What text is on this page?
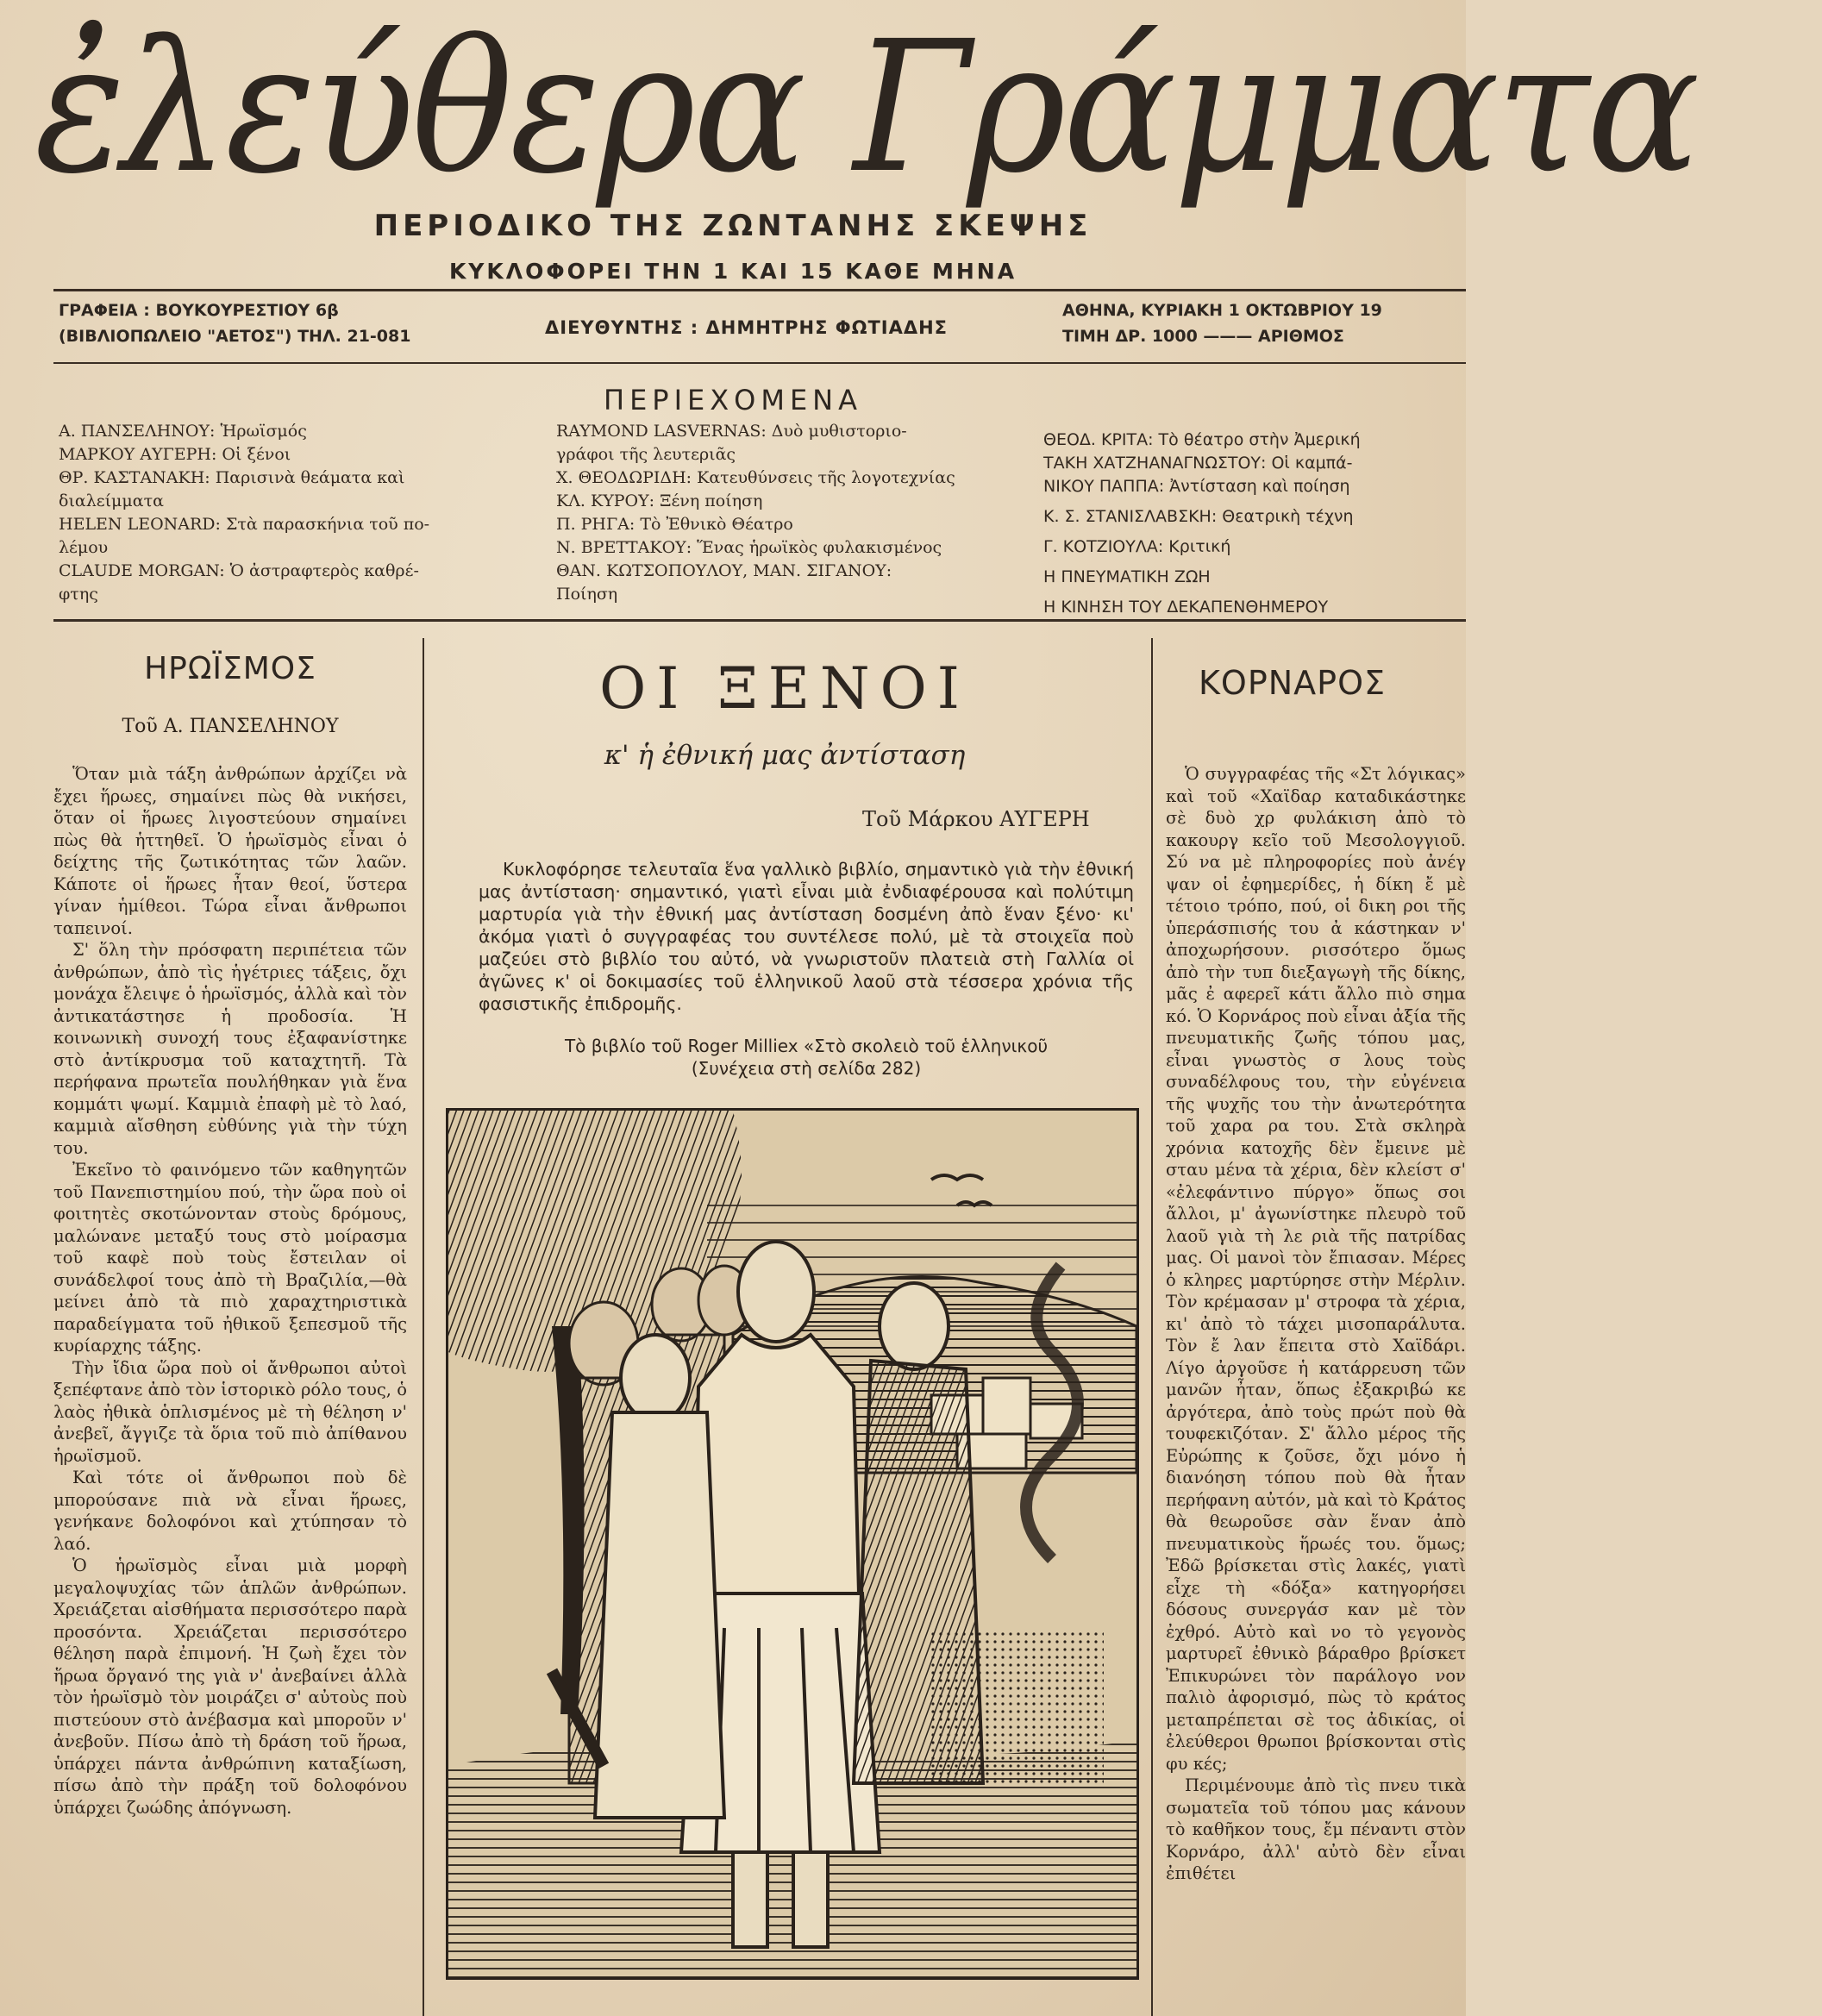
ἐλεύθερα Γράμματα
ΠΕΡΙΟΔΙΚΟ ΤΗΣ ΖΩΝΤΑΝΗΣ ΣΚΕΨΗΣ
ΚΥΚΛΟΦΟΡΕΙ ΤΗΝ 1 ΚΑΙ 15 ΚΑΘΕ ΜΗΝΑ
ΓΡΑΦΕΙΑ : ΒΟΥΚΟΥΡΕΣΤΙΟΥ 6β
(ΒΙΒΛΙΟΠΩΛΕΙΟ "ΑΕΤΟΣ") ΤΗΛ. 21-081	ΔΙΕΥΘΥΝΤΗΣ : ΔΗΜΗΤΡΗΣ ΦΩΤΙΑΔΗΣ
ΑΘΗΝΑ, ΚΥΡΙΑΚΗ 1 ΟΚΤΩΒΡΙΟΥ 19
ΤΙΜΗ ΔΡ. 1000 ——— ΑΡΙΘΜΟΣ
ΠΕΡΙΕΧΟΜΕΝΑ
Α. ΠΑΝΣΕΛΗΝΟΥ: Ἡρωϊσμός
ΜΑΡΚΟΥ ΑΥΓΕΡΗ: Οἱ ξένοι
ΘΡ. ΚΑΣΤΑΝΑΚΗ: Παρισινὰ θεάματα καὶ
διαλείμματα
HELEN LEONARD: Στὰ παρασκήνια τοῦ πο-
λέμου
CLAUDE MORGAN: Ὁ ἀστραφτερὸς καθρέ-
φτης
RAYMOND LASVERNAS: Δυὸ μυθιστοριο-
γράφοι τῆς λευτεριᾶς
Χ. ΘΕΟΔΩΡΙΔΗ: Κατευθύνσεις τῆς λογοτεχνίας
ΚΛ. ΚΥΡΟΥ: Ξένη ποίηση
Π. ΡΗΓΑ: Τὸ Ἐθνικὸ Θέατρο
Ν. ΒΡΕΤΤΑΚΟΥ: Ἕνας ἡρωϊκὸς φυλακισμένος
ΘΑΝ. ΚΩΤΣΟΠΟΥΛΟΥ, ΜΑΝ. ΣΙΓΑΝΟΥ:
Ποίηση
ΘΕΟΔ. ΚΡΙΤΑ: Τὸ θέατρο στὴν Ἀμερική
ΤΑΚΗ ΧΑΤΖΗΑΝΑΓΝΩΣΤΟΥ: Οἱ καμπά-
ΝΙΚΟΥ ΠΑΠΠΑ: Ἀντίσταση καὶ ποίηση
Κ. Σ. ΣΤΑΝΙΣΛΑΒΣΚΗ: Θεατρικὴ τέχνη
Γ. ΚΟΤΖΙΟΥΛΑ: Κριτική
Η ΠΝΕΥΜΑΤΙΚΗ ΖΩΗ
Η ΚΙΝΗΣΗ ΤΟΥ ΔΕΚΑΠΕΝΘΗΜΕΡΟΥ
ΗΡΩΪΣΜΟΣ
Τοῦ Α. ΠΑΝΣΕΛΗΝΟΥ

Ὅταν μιὰ τάξη ἀνθρώπων ἀρχίζει νὰ ἔχει ἥρωες, σημαίνει πὼς θὰ νικήσει, ὅταν οἱ ἥρωες λιγοστεύουν σημαίνει πὼς θὰ ἡττηθεῖ. Ὁ ἡρωϊσμὸς εἶναι ὁ δείχτης τῆς ζωτικότητας τῶν λαῶν. Κάποτε οἱ ἥρωες ἦταν θεοί, ὕστερα γίναν ἡμίθεοι. Τώρα εἶναι ἄνθρωποι ταπεινοί.

Σ' ὅλη τὴν πρόσφατη περιπέτεια τῶν ἀνθρώπων, ἀπὸ τὶς ἡγέτριες τάξεις, ὄχι μονάχα ἔλειψε ὁ ἡρωϊσμός, ἀλλὰ καὶ τὸν ἀντικατάστησε ἡ προδοσία. Ἡ κοινωνικὴ συνοχή τους ἐξαφανίστηκε στὸ ἀντίκρυσμα τοῦ καταχτητῆ. Τὰ περήφανα πρωτεῖα πουλήθηκαν γιὰ ἕνα κομμάτι ψωμί. Καμμιὰ ἐπαφὴ μὲ τὸ λαό, καμμιὰ αἴσθηση εὐθύνης γιὰ τὴν τύχη του.

Ἐκεῖνο τὸ φαινόμενο τῶν καθηγητῶν τοῦ Πανεπιστημίου πού, τὴν ὥρα ποὺ οἱ φοιτητὲς σκοτώνονταν στοὺς δρόμους, μαλώνανε μεταξύ τους στὸ μοίρασμα τοῦ καφὲ ποὺ τοὺς ἔστειλαν οἱ συνάδελφοί τους ἀπὸ τὴ Βραζιλία,—θὰ μείνει ἀπὸ τὰ πιὸ χαραχτηριστικὰ παραδείγματα τοῦ ἠθικοῦ ξεπεσμοῦ τῆς κυρίαρχης τάξης.

Τὴν ἴδια ὥρα ποὺ οἱ ἄνθρωποι αὐτοὶ ξεπέφτανε ἀπὸ τὸν ἱστορικὸ ρόλο τους, ὁ λαὸς ἠθικὰ ὁπλισμένος μὲ τὴ θέληση ν' ἀνεβεῖ, ἄγγιζε τὰ ὅρια τοῦ πιὸ ἀπίθανου ἡρωϊσμοῦ.

Καὶ τότε οἱ ἄνθρωποι ποὺ δὲ μπορούσανε πιὰ νὰ εἶναι ἥρωες, γενήκανε δολοφόνοι καὶ χτύπησαν τὸ λαό.

Ὁ ἡρωϊσμὸς εἶναι μιὰ μορφὴ μεγαλοψυχίας τῶν ἁπλῶν ἀνθρώπων. Χρειάζεται αἰσθήματα περισσότερο παρὰ προσόντα. Χρειάζεται περισσότερο θέληση παρὰ ἐπιμονή. Ἡ ζωὴ ἔχει τὸν ἥρωα ὄργανό της γιὰ ν' ἀνεβαίνει ἀλλὰ τὸν ἡρωϊσμὸ τὸν μοιράζει σ' αὐτοὺς ποὺ πιστεύουν στὸ ἀνέβασμα καὶ μποροῦν ν' ἀνεβοῦν. Πίσω ἀπὸ τὴ δράση τοῦ ἥρωα, ὑπάρχει πάντα ἀνθρώπινη καταξίωση, πίσω ἀπὸ τὴν πράξη τοῦ δολοφόνου ὑπάρχει ζωώδης ἀπόγνωση.

ΟΙ ΞΕΝΟΙ
κ' ἡ ἐθνική μας ἀντίσταση
Τοῦ Μάρκου ΑΥΓΕΡΗ

Κυκλοφόρησε τελευταῖα ἕνα γαλλικὸ βιβλίο, σημαντικὸ γιὰ τὴν ἐθνική μας ἀντίσταση· σημαντικό, γιατὶ εἶναι μιὰ ἐνδιαφέρουσα καὶ πολύτιμη μαρτυρία γιὰ τὴν ἐθνική μας ἀντίσταση δοσμένη ἀπὸ ἕναν ξένο· κι' ἀκόμα γιατὶ ὁ συγγραφέας του συντέλεσε πολύ, μὲ τὰ στοιχεῖα ποὺ μαζεύει στὸ βιβλίο του αὐτό, νὰ γνωριστοῦν πλατειὰ στὴ Γαλλία οἱ ἀγῶνες κ' οἱ δοκιμασίες τοῦ ἑλληνικοῦ λαοῦ στὰ τέσσερα χρόνια τῆς φασιστικῆς ἐπιδρομῆς.

Τὸ βιβλίο τοῦ Roger Milliex «Στὸ σκολειὸ τοῦ ἑλληνικοῦ
(Συνέχεια στὴ σελίδα 282)
ΚΟΡΝΑΡΟΣ

Ὁ συγγραφέας τῆς «Στ λόγικας» καὶ τοῦ «Χαϊδαρ καταδικάστηκε σὲ δυὸ χρ φυλάκιση ἀπὸ τὸ κακουργ κεῖο τοῦ Μεσολογγιοῦ. Σύ να μὲ πληροφορίες ποὺ ἀνέγ ψαν οἱ ἐφημερίδες, ἡ δίκη ἔ μὲ τέτοιο τρόπο, πού, οἱ δικη ροι τῆς ὑπεράσπισής του ἀ κάστηκαν ν' ἀποχωρήσουν. ρισσότερο ὅμως ἀπὸ τὴν τυπ διεξαγωγὴ τῆς δίκης, μᾶς ἐ αφερεῖ κάτι ἄλλο πιὸ σημα κό. Ὁ Κορνάρος ποὺ εἶναι ἀξία τῆς πνευματικῆς ζωῆς τόπου μας, εἶναι γνωστὸς σ λους τοὺς συναδέλφους του, τὴν εὐγένεια τῆς ψυχῆς του τὴν ἀνωτερότητα τοῦ χαρα ρα του. Στὰ σκληρὰ χρόνια κατοχῆς δὲν ἔμεινε μὲ σταυ μένα τὰ χέρια, δὲν κλείστ σ' «ἐλεφάντινο πύργο» ὅπως σοι ἄλλοι, μ' ἀγωνίστηκε πλευρὸ τοῦ λαοῦ γιὰ τὴ λε ριὰ τῆς πατρίδας μας. Οἱ μανοὶ τὸν ἔπιασαν. Μέρες ὁ κληρες μαρτύρησε στὴν Μέρλιν. Τὸν κρέμασαν μ' στροφα τὰ χέρια, κι' ἀπὸ τὸ τάχει μισοπαράλυτα. Τὸν ἔ λαν ἔπειτα στὸ Χαϊδάρι. Λίγο ἀργοῦσε ἡ κατάρρευση τῶν μανῶν ἦταν, ὅπως ἐξακριβώ κε ἀργότερα, ἀπὸ τοὺς πρώτ ποὺ θὰ τουφεκιζόταν. Σ' ἄλλο μέρος τῆς Εὐρώπης κ ζοῦσε, ὄχι μόνο ἡ διανόηση τόπου ποὺ θὰ ἦταν περήφανη αὐτόν, μὰ καὶ τὸ Κράτος θὰ θεωροῦσε σὰν ἕναν ἀπὸ πνευματικοὺς ἥρωές του. ὅμως; Ἐδῶ βρίσκεται στὶς λακές, γιατὶ εἶχε τὴ «δόξα» κατηγορήσει δόσους συνεργάσ καν μὲ τὸν ἐχθρό. Αὐτὸ καὶ νο τὸ γεγονὸς μαρτυρεῖ ἐθνικὸ βάραθρο βρίσκετ Ἐπικυρώνει τὸν παράλογο νον παλιὸ ἀφορισμό, πὼς τὸ κράτος μεταπρέπεται σὲ τος ἀδικίας, οἱ ἐλεύθεροι θρωποι βρίσκονται στὶς φυ κές;

Περιμένουμε ἀπὸ τὶς πνευ τικὰ σωματεῖα τοῦ τόπου μας κάνουν τὸ καθῆκον τους, ἔμ πέναντι στὸν Κορνάρο, ἀλλ' αὐτὸ δὲν εἶναι ἐπιθέτει
